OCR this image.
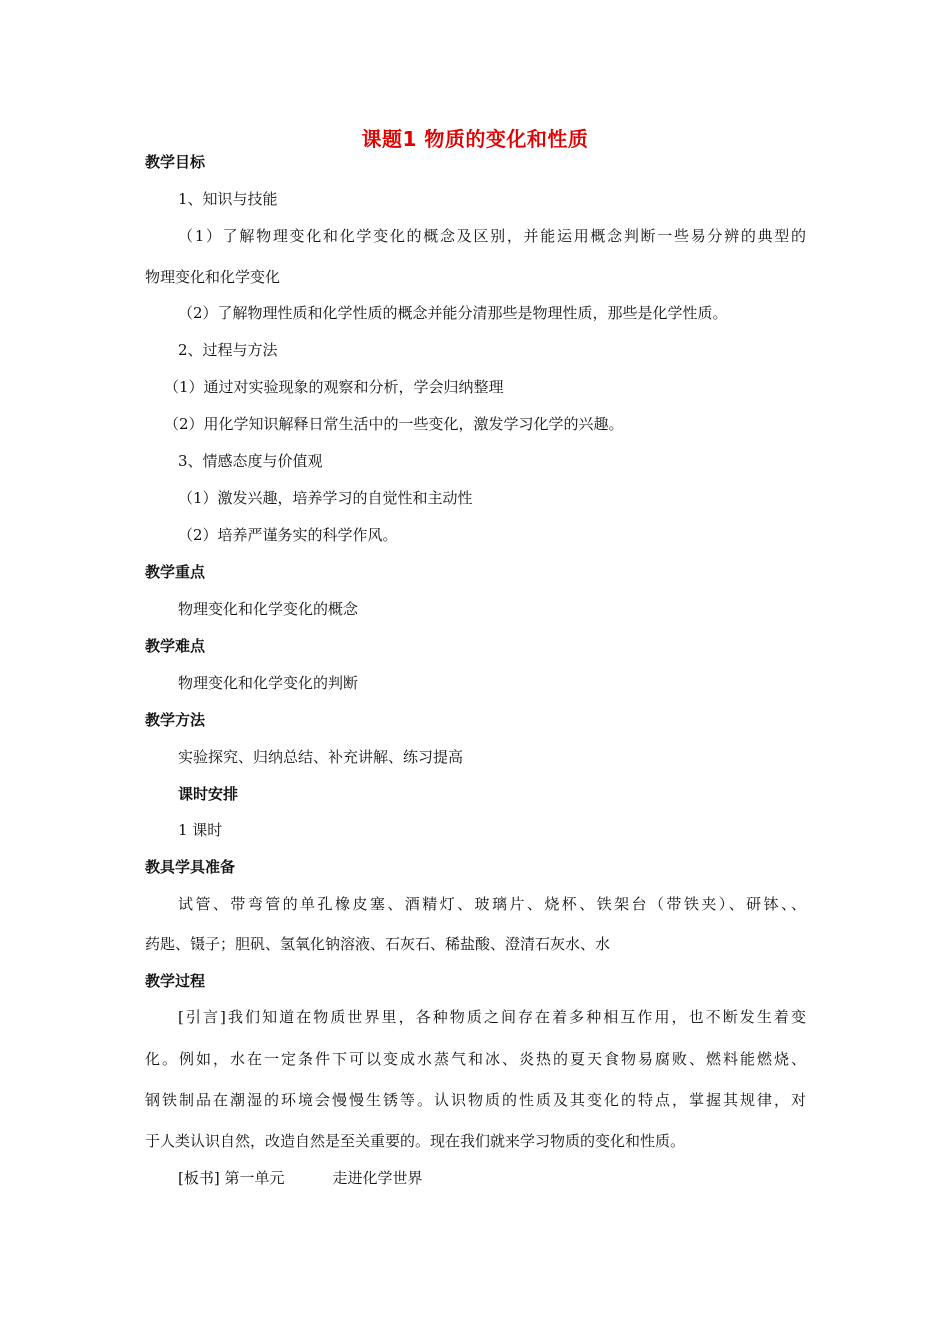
课题1 物质的变化和性质
教学目标
1、知识与技能
（1）了解物理变化和化学变化的概念及区别，并能运用概念判断一些易分辨的典型的
物理变化和化学变化
（2）了解物理性质和化学性质的概念并能分清那些是物理性质，那些是化学性质。
2、过程与方法
（1）通过对实验现象的观察和分析，学会归纳整理
（2）用化学知识解释日常生活中的一些变化，激发学习化学的兴趣。
3、情感态度与价值观
（1）激发兴趣，培养学习的自觉性和主动性
（2）培养严谨务实的科学作风。
教学重点
物理变化和化学变化的概念
教学难点
物理变化和化学变化的判断
教学方法
实验探究、归纳总结、补充讲解、练习提高
课时安排
1 课时
教具学具准备
试管、带弯管的单孔橡皮塞、酒精灯、玻璃片、烧杯、铁架台（带铁夹）、研钵、、
药匙、镊子；胆矾、氢氧化钠溶液、石灰石、稀盐酸、澄清石灰水、水
教学过程
[引言]我们知道在物质世界里，各种物质之间存在着多种相互作用，也不断发生着变
化。例如，水在一定条件下可以变成水蒸气和冰、炎热的夏天食物易腐败、燃料能燃烧、
钢铁制品在潮湿的环境会慢慢生锈等。认识物质的性质及其变化的特点，掌握其规律，对
于人类认识自然，改造自然是至关重要的。现在我们就来学习物质的变化和性质。
[板书] 第一单元	走进化学世界
